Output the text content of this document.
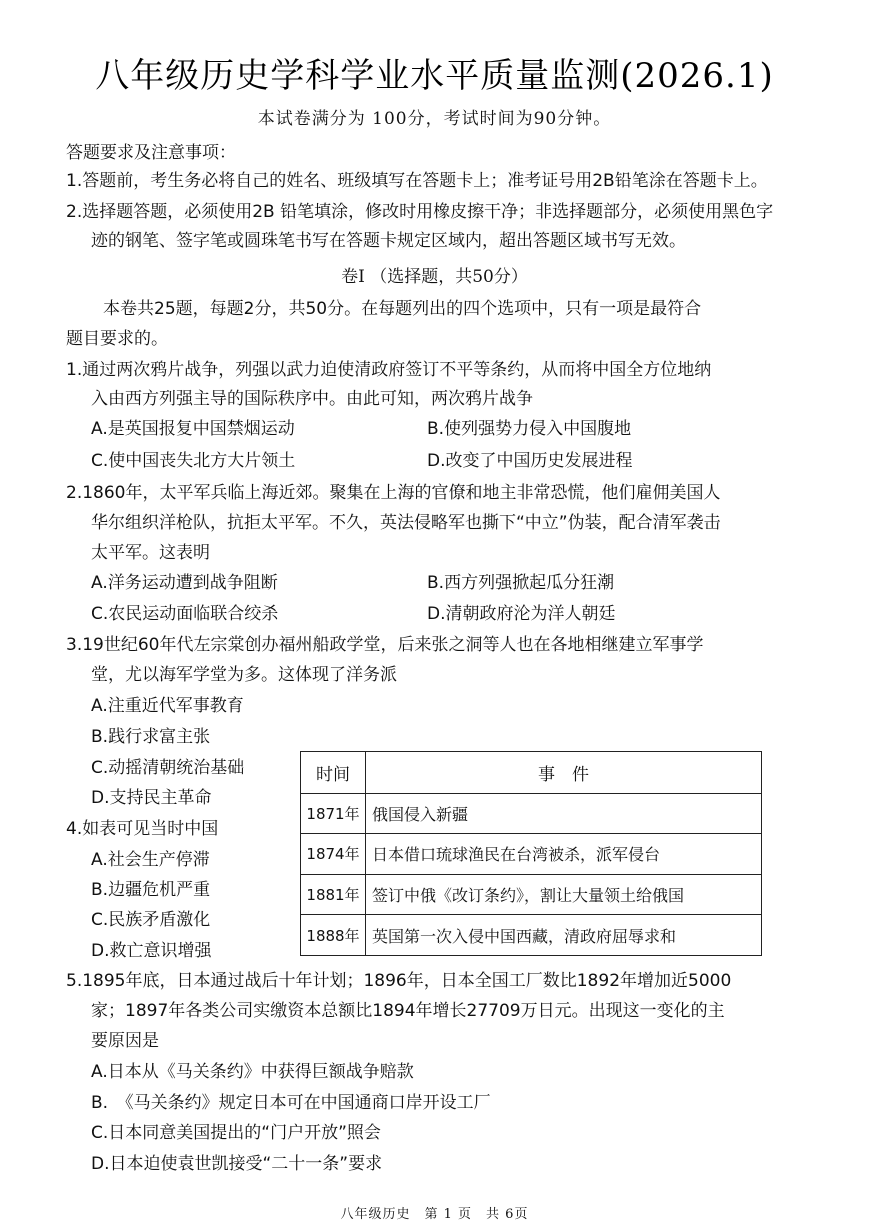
八年级历史学科学业水平质量监测(2026.1)
本试卷满分为 100分，考试时间为90分钟。
答题要求及注意事项：
1.答题前，考生务必将自己的姓名、班级填写在答题卡上；准考证号用2B铅笔涂在答题卡上。
2.选择题答题，必须使用2B 铅笔填涂，修改时用橡皮擦干净；非选择题部分，必须使用黑色字
迹的钢笔、签字笔或圆珠笔书写在答题卡规定区域内，超出答题区域书写无效。
卷Ⅰ （选择题，共50分）
本卷共25题，每题2分，共50分。在每题列出的四个选项中，只有一项是最符合
题目要求的。
1.通过两次鸦片战争，列强以武力迫使清政府签订不平等条约，从而将中国全方位地纳
入由西方列强主导的国际秩序中。由此可知，两次鸦片战争
A.是英国报复中国禁烟运动	B.使列强势力侵入中国腹地
C.使中国丧失北方大片领土	D.改变了中国历史发展进程
2.1860年，太平军兵临上海近郊。聚集在上海的官僚和地主非常恐慌，他们雇佣美国人
华尔组织洋枪队，抗拒太平军。不久，英法侵略军也撕下“中立”伪装，配合清军袭击
太平军。这表明
A.洋务运动遭到战争阻断	B.西方列强掀起瓜分狂潮
C.农民运动面临联合绞杀	D.清朝政府沦为洋人朝廷
3.19世纪60年代左宗棠创办福州船政学堂，后来张之洞等人也在各地相继建立军事学
堂，尤以海军学堂为多。这体现了洋务派
A.注重近代军事教育
B.践行求富主张
C.动摇清朝统治基础
D.支持民主革命
4.如表可见当时中国
A.社会生产停滞
B.边疆危机严重
C.民族矛盾激化
D.救亡意识增强
时间	事　件
1871年	俄国侵入新疆
1874年	日本借口琉球渔民在台湾被杀，派军侵台
1881年	签订中俄《改订条约》，割让大量领土给俄国
1888年	英国第一次入侵中国西藏，清政府屈辱求和
5.1895年底，日本通过战后十年计划；1896年，日本全国工厂数比1892年增加近5000
家；1897年各类公司实缴资本总额比1894年增长27709万日元。出现这一变化的主
要原因是
A.日本从《马关条约》中获得巨额战争赔款
B.　《马关条约》规定日本可在中国通商口岸开设工厂
C.日本同意美国提出的“门户开放”照会
D.日本迫使袁世凯接受“二十一条”要求
八年级历史　第 1 页　共 6页
